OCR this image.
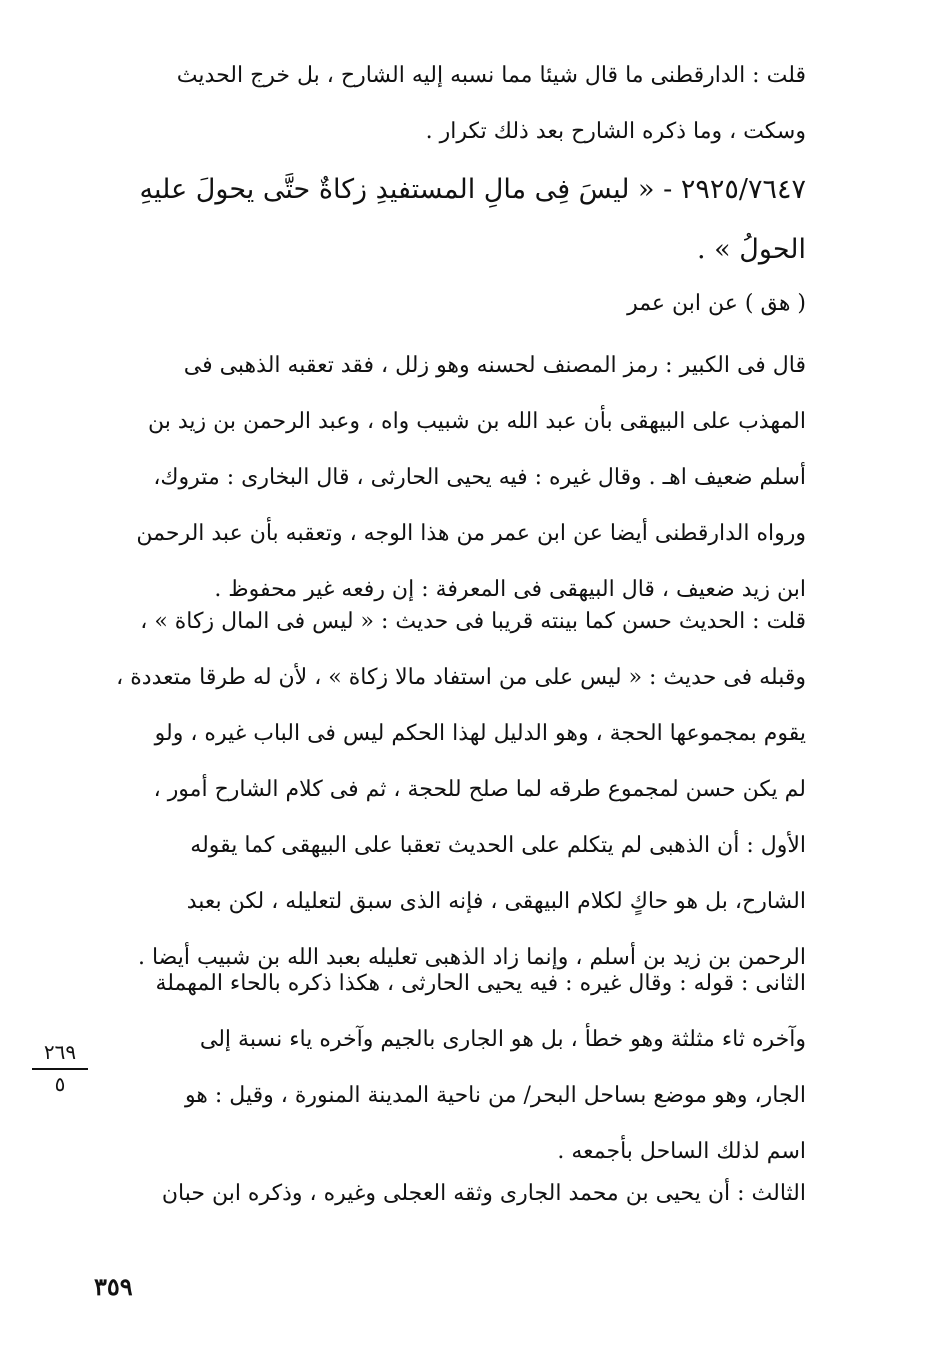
قلت : الدارقطنى ما قال شيئا مما نسبه إليه الشارح ، بل خرج الحديث
وسكت ، وما ذكره الشارح بعد ذلك تكرار .
٢٩٢٥/٧٦٤٧ - « ليسَ فِى مالِ المستفيدِ زكاةٌ حتَّى يحولَ عليهِ
الحولُ » .
( هق ) عن ابن عمر
قال فى الكبير : رمز المصنف لحسنه وهو زلل ، فقد تعقبه الذهبى فى
المهذب على البيهقى بأن عبد الله بن شبيب واه ، وعبد الرحمن بن زيد بن
أسلم ضعيف اهـ . وقال غيره : فيه يحيى الحارثى ، قال البخارى : متروك،
ورواه الدارقطنى أيضا عن ابن عمر من هذا الوجه ، وتعقبه بأن عبد الرحمن
ابن زيد ضعيف ، قال البيهقى فى المعرفة : إن رفعه غير محفوظ .
قلت : الحديث حسن كما بينته قريبا فى حديث : « ليس فى المال زكاة » ،
وقبله فى حديث : « ليس على من استفاد مالا زكاة » ، لأن له طرقا متعددة ،
يقوم بمجموعها الحجة ، وهو الدليل لهذا الحكم ليس فى الباب غيره ، ولو
لم يكن حسن لمجموع طرقه لما صلح للحجة ، ثم فى كلام الشارح أمور ،
الأول : أن الذهبى لم يتكلم على الحديث تعقبا على البيهقى كما يقوله
الشارح، بل هو حاكٍ لكلام البيهقى ، فإنه الذى سبق لتعليله ، لكن بعبد
الرحمن بن زيد بن أسلم ، وإنما زاد الذهبى تعليله بعبد الله بن شبيب أيضا .
الثانى : قوله : وقال غيره : فيه يحيى الحارثى ، هكذا ذكره بالحاء المهملة
وآخره ثاء مثلثة وهو خطأ ، بل هو الجارى بالجيم وآخره ياء نسبة إلى
الجار، وهو موضع بساحل البحر/ من ناحية المدينة المنورة ، وقيل : هو
اسم لذلك الساحل بأجمعه .
الثالث : أن يحيى بن محمد الجارى وثقه العجلى وغيره ، وذكره ابن حبان
٢٦٩
٥
٣٥٩
